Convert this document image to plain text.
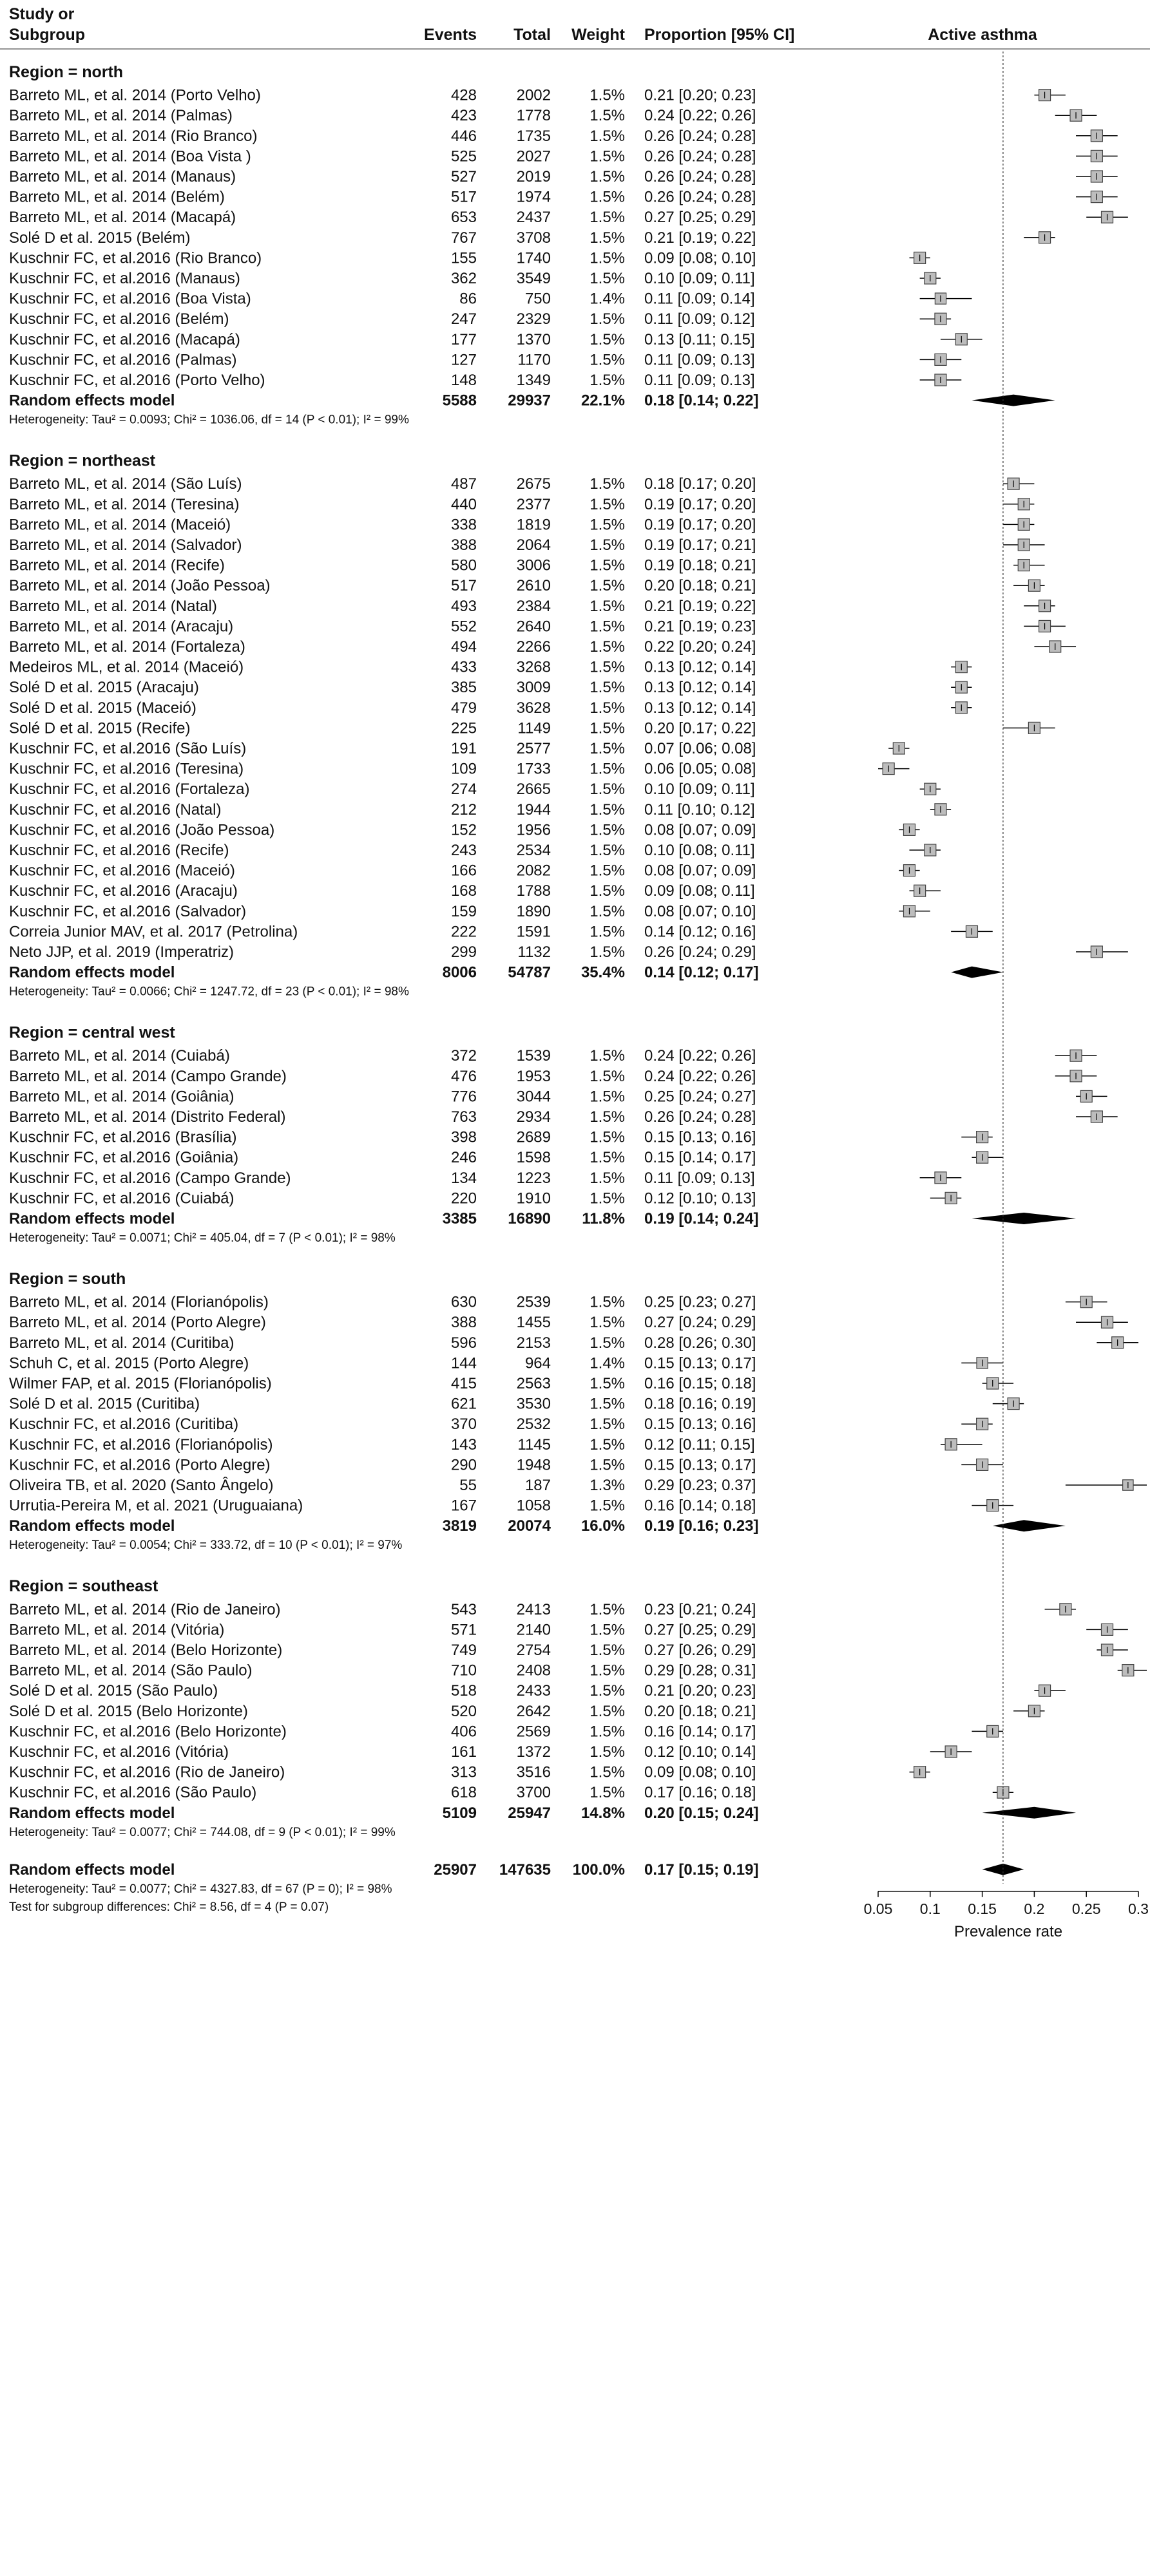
Study or
Subgroup	Events Total Weight Proportion [95% CI]	Active asthma
Region = north
Barreto ML, et al. 2014 (Porto Velho)	428	2002	1.5% 0.21 [0.20; 0.23]
Barreto ML, et al. 2014 (Palmas)	423	1778	1.5% 0.24 [0.22; 0.26]
Barreto ML, et al. 2014 (Rio Branco)	446	1735	1.5% 0.26 [0.24; 0.28]
Barreto ML, et al. 2014 (Boa Vista )	525	2027	1.5% 0.26 [0.24; 0.28]
Barreto ML, et al. 2014 (Manaus)	527	2019	1.5% 0.26 [0.24; 0.28]
Barreto ML, et al. 2014 (Belém)	517	1974	1.5% 0.26 [0.24; 0.28]
Barreto ML, et al. 2014 (Macapá)	653	2437	1.5% 0.27 [0.25; 0.29]
Solé D et al. 2015 (Belém)	767	3708	1.5% 0.21 [0.19; 0.22]
Kuschnir FC, et al.2016 (Rio Branco)	155	1740	1.5% 0.09 [0.08; 0.10]
Kuschnir FC, et al.2016 (Manaus)	362	3549	1.5% 0.10 [0.09; 0.11]
Kuschnir FC, et al.2016 (Boa Vista)	86	750	1.4% 0.11 [0.09; 0.14]
Kuschnir FC, et al.2016 (Belém)	247	2329	1.5% 0.11 [0.09; 0.12]
Kuschnir FC, et al.2016 (Macapá)	177	1370	1.5% 0.13 [0.11; 0.15]
Kuschnir FC, et al.2016 (Palmas)	127	1170	1.5% 0.11 [0.09; 0.13]
Kuschnir FC, et al.2016 (Porto Velho)	148	1349	1.5% 0.11 [0.09; 0.13]
Random effects model	5588 29937 22.1% 0.18 [0.14; 0.22]
Heterogeneity: Tau² = 0.0093; Chi² = 1036.06, df = 14 (P < 0.01); I² = 99%
Region = northeast
Barreto ML, et al. 2014 (São Luís)	487	2675	1.5% 0.18 [0.17; 0.20]
Barreto ML, et al. 2014 (Teresina)	440	2377	1.5% 0.19 [0.17; 0.20]
Barreto ML, et al. 2014 (Maceió)	338	1819	1.5% 0.19 [0.17; 0.20]
Barreto ML, et al. 2014 (Salvador)	388	2064	1.5% 0.19 [0.17; 0.21]
Barreto ML, et al. 2014 (Recife)	580	3006	1.5% 0.19 [0.18; 0.21]
Barreto ML, et al. 2014 (João Pessoa)	517	2610	1.5% 0.20 [0.18; 0.21]
Barreto ML, et al. 2014 (Natal)	493	2384	1.5% 0.21 [0.19; 0.22]
Barreto ML, et al. 2014 (Aracaju)	552	2640	1.5% 0.21 [0.19; 0.23]
Barreto ML, et al. 2014 (Fortaleza)	494	2266	1.5% 0.22 [0.20; 0.24]
Medeiros ML, et al. 2014 (Maceió)	433	3268	1.5% 0.13 [0.12; 0.14]
Solé D et al. 2015 (Aracaju)	385	3009	1.5% 0.13 [0.12; 0.14]
Solé D et al. 2015 (Maceió)	479	3628	1.5% 0.13 [0.12; 0.14]
Solé D et al. 2015 (Recife)	225	1149	1.5% 0.20 [0.17; 0.22]
Kuschnir FC, et al.2016 (São Luís)	191	2577	1.5% 0.07 [0.06; 0.08]
Kuschnir FC, et al.2016 (Teresina)	109	1733	1.5% 0.06 [0.05; 0.08]
Kuschnir FC, et al.2016 (Fortaleza)	274	2665	1.5% 0.10 [0.09; 0.11]
Kuschnir FC, et al.2016 (Natal)	212	1944	1.5% 0.11 [0.10; 0.12]
Kuschnir FC, et al.2016 (João Pessoa)	152	1956	1.5% 0.08 [0.07; 0.09]
Kuschnir FC, et al.2016 (Recife)	243	2534	1.5% 0.10 [0.08; 0.11]
Kuschnir FC, et al.2016 (Maceió)	166	2082	1.5% 0.08 [0.07; 0.09]
Kuschnir FC, et al.2016 (Aracaju)	168	1788	1.5% 0.09 [0.08; 0.11]
Kuschnir FC, et al.2016 (Salvador)	159	1890	1.5% 0.08 [0.07; 0.10]
Correia Junior MAV, et al. 2017 (Petrolina)	222	1591	1.5% 0.14 [0.12; 0.16]
Neto JJP, et al. 2019 (Imperatriz)	299	1132	1.5% 0.26 [0.24; 0.29]
Random effects model	8006 54787 35.4% 0.14 [0.12; 0.17]
Heterogeneity: Tau² = 0.0066; Chi² = 1247.72, df = 23 (P < 0.01); I² = 98%
Region = central west
Barreto ML, et al. 2014 (Cuiabá)	372	1539	1.5% 0.24 [0.22; 0.26]
Barreto ML, et al. 2014 (Campo Grande)	476	1953	1.5% 0.24 [0.22; 0.26]
Barreto ML, et al. 2014 (Goiânia)	776	3044	1.5% 0.25 [0.24; 0.27]
Barreto ML, et al. 2014 (Distrito Federal)	763	2934	1.5% 0.26 [0.24; 0.28]
Kuschnir FC, et al.2016 (Brasília)	398	2689	1.5% 0.15 [0.13; 0.16]
Kuschnir FC, et al.2016 (Goiânia)	246	1598	1.5% 0.15 [0.14; 0.17]
Kuschnir FC, et al.2016 (Campo Grande)	134	1223	1.5% 0.11 [0.09; 0.13]
Kuschnir FC, et al.2016 (Cuiabá)	220	1910	1.5% 0.12 [0.10; 0.13]
Random effects model	3385 16890 11.8% 0.19 [0.14; 0.24]
Heterogeneity: Tau² = 0.0071; Chi² = 405.04, df = 7 (P < 0.01); I² = 98%
Region = south
Barreto ML, et al. 2014 (Florianópolis)	630	2539	1.5% 0.25 [0.23; 0.27]
Barreto ML, et al. 2014 (Porto Alegre)	388	1455	1.5% 0.27 [0.24; 0.29]
Barreto ML, et al. 2014 (Curitiba)	596	2153	1.5% 0.28 [0.26; 0.30]
Schuh C, et al. 2015 (Porto Alegre)	144	964	1.4% 0.15 [0.13; 0.17]
Wilmer FAP, et al. 2015 (Florianópolis)	415	2563	1.5% 0.16 [0.15; 0.18]
Solé D et al. 2015 (Curitiba)	621	3530	1.5% 0.18 [0.16; 0.19]
Kuschnir FC, et al.2016 (Curitiba)	370	2532	1.5% 0.15 [0.13; 0.16]
Kuschnir FC, et al.2016 (Florianópolis)	143	1145	1.5% 0.12 [0.11; 0.15]
Kuschnir FC, et al.2016 (Porto Alegre)	290	1948	1.5% 0.15 [0.13; 0.17]
Oliveira TB, et al. 2020 (Santo Ângelo)	55	187	1.3% 0.29 [0.23; 0.37]
Urrutia-Pereira M, et al. 2021 (Uruguaiana)	167	1058	1.5% 0.16 [0.14; 0.18]
Random effects model	3819 20074 16.0% 0.19 [0.16; 0.23]
Heterogeneity: Tau² = 0.0054; Chi² = 333.72, df = 10 (P < 0.01); I² = 97%
Region = southeast
Barreto ML, et al. 2014 (Rio de Janeiro)	543	2413	1.5% 0.23 [0.21; 0.24]
Barreto ML, et al. 2014 (Vitória)	571	2140	1.5% 0.27 [0.25; 0.29]
Barreto ML, et al. 2014 (Belo Horizonte)	749	2754	1.5% 0.27 [0.26; 0.29]
Barreto ML, et al. 2014 (São Paulo)	710	2408	1.5% 0.29 [0.28; 0.31]
Solé D et al. 2015 (São Paulo)	518	2433	1.5% 0.21 [0.20; 0.23]
Solé D et al. 2015 (Belo Horizonte)	520	2642	1.5% 0.20 [0.18; 0.21]
Kuschnir FC, et al.2016 (Belo Horizonte)	406	2569	1.5% 0.16 [0.14; 0.17]
Kuschnir FC, et al.2016 (Vitória)	161	1372	1.5% 0.12 [0.10; 0.14]
Kuschnir FC, et al.2016 (Rio de Janeiro)	313	3516	1.5% 0.09 [0.08; 0.10]
Kuschnir FC, et al.2016 (São Paulo)	618	3700	1.5% 0.17 [0.16; 0.18]
Random effects model	5109 25947 14.8% 0.20 [0.15; 0.24]
Heterogeneity: Tau² = 0.0077; Chi² = 744.08, df = 9 (P < 0.01); I² = 99%
Random effects model	25907 147635 100.0% 0.17 [0.15; 0.19]
Heterogeneity: Tau² = 0.0077; Chi² = 4327.83, df = 67 (P = 0); I² = 98%
Test for subgroup differences: Chi² = 8.56, df = 4 (P = 0.07)	0.05 0.1 0.15 0.2 0.25 0.3
Prevalence rate
